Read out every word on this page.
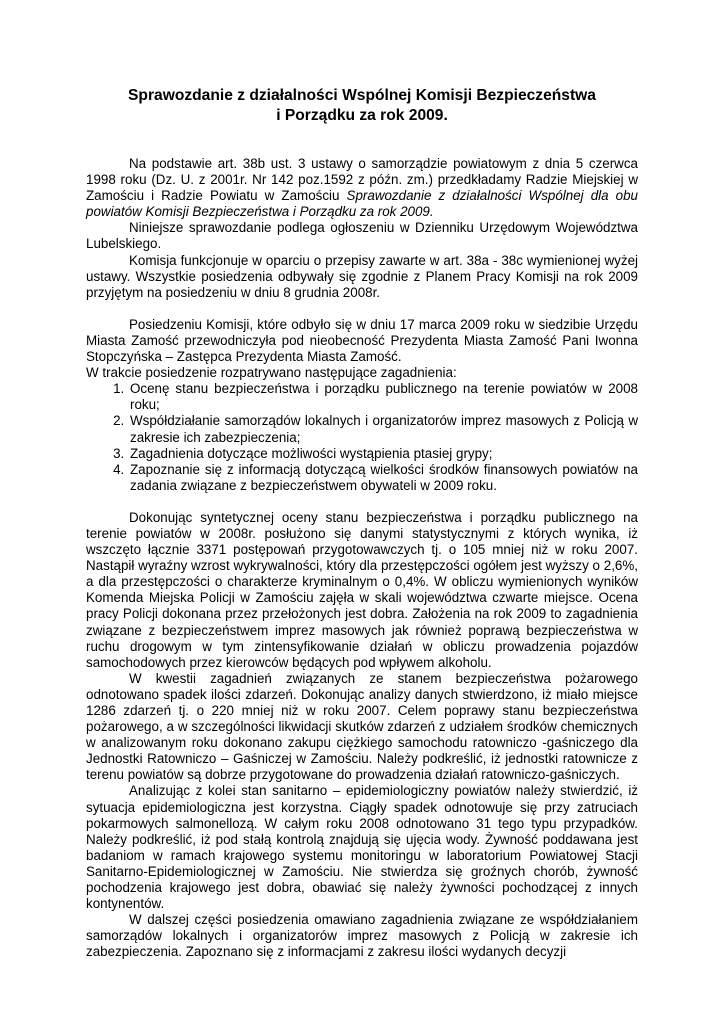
Sprawozdanie z działalności Wspólnej Komisji Bezpieczeństwa
i Porządku za rok 2009.

Na podstawie art. 38b ust. 3 ustawy o samorządzie powiatowym z dnia 5 czerwca 1998 roku (Dz. U. z 2001r. Nr 142 poz.1592 z późn. zm.) przedkładamy Radzie Miejskiej w Zamościu i Radzie Powiatu w Zamościu Sprawozdanie z działalności Wspólnej dla obu powiatów Komisji Bezpieczeństwa i Porządku za rok 2009.

Niniejsze sprawozdanie podlega ogłoszeniu w Dzienniku Urzędowym Województwa Lubelskiego.

Komisja funkcjonuje w oparciu o przepisy zawarte w art. 38a - 38c wymienionej wyżej ustawy. Wszystkie posiedzenia odbywały się zgodnie z Planem Pracy Komisji na rok 2009 przyjętym na posiedzeniu w dniu 8 grudnia 2008r.

Posiedzeniu Komisji, które odbyło się w dniu 17 marca 2009 roku w siedzibie Urzędu Miasta Zamość przewodniczyła pod nieobecność Prezydenta Miasta Zamość Pani Iwonna Stopczyńska – Zastępca Prezydenta Miasta Zamość.

W trakcie posiedzenie rozpatrywano następujące zagadnienia:

1. Ocenę stanu bezpieczeństwa i porządku publicznego na terenie powiatów w 2008 roku;
2. Współdziałanie samorządów lokalnych i organizatorów imprez masowych z Policją w zakresie ich zabezpieczenia;
3. Zagadnienia dotyczące możliwości wystąpienia ptasiej grypy;
4. Zapoznanie się z informacją dotyczącą wielkości środków finansowych powiatów na zadania związane z bezpieczeństwem obywateli w 2009 roku.

Dokonując syntetycznej oceny stanu bezpieczeństwa i porządku publicznego na terenie powiatów w 2008r. posłużono się danymi statystycznymi z których wynika, iż wszczęto łącznie 3371 postępowań przygotowawczych tj. o 105 mniej niż w roku 2007. Nastąpił wyraźny wzrost wykrywalności, który dla przestępczości ogółem jest wyższy o 2,6%, a dla przestępczości o charakterze kryminalnym o 0,4%. W obliczu wymienionych wyników Komenda Miejska Policji w Zamościu zajęła w skali województwa czwarte miejsce. Ocena pracy Policji dokonana przez przełożonych jest dobra. Założenia na rok 2009 to zagadnienia związane z bezpieczeństwem imprez masowych jak również poprawą bezpieczeństwa w ruchu drogowym w tym zintensyfikowanie działań w obliczu prowadzenia pojazdów samochodowych przez kierowców będących pod wpływem alkoholu.

W kwestii zagadnień związanych ze stanem bezpieczeństwa pożarowego odnotowano spadek ilości zdarzeń. Dokonując analizy danych stwierdzono, iż miało miejsce 1286 zdarzeń tj. o 220 mniej niż w roku 2007. Celem poprawy stanu bezpieczeństwa pożarowego, a w szczególności likwidacji skutków zdarzeń z udziałem środków chemicznych w analizowanym roku dokonano zakupu ciężkiego samochodu ratowniczo -gaśniczego dla Jednostki Ratowniczo – Gaśniczej w Zamościu. Należy podkreślić, iż jednostki ratownicze z terenu powiatów są dobrze przygotowane do prowadzenia działań ratowniczo-gaśniczych.

Analizując z kolei stan sanitarno – epidemiologiczny powiatów należy stwierdzić, iż sytuacja epidemiologiczna jest korzystna. Ciągły spadek odnotowuje się przy zatruciach pokarmowych salmonellozą. W całym roku 2008 odnotowano 31 tego typu przypadków. Należy podkreślić, iż pod stałą kontrolą znajdują się ujęcia wody. Żywność poddawana jest badaniom w ramach krajowego systemu monitoringu w laboratorium Powiatowej Stacji Sanitarno-Epidemiologicznej w Zamościu. Nie stwierdza się groźnych chorób, żywność pochodzenia krajowego jest dobra, obawiać się należy żywności pochodzącej z innych kontynentów.

W dalszej części posiedzenia omawiano zagadnienia związane ze współdziałaniem samorządów lokalnych i organizatorów imprez masowych z Policją w zakresie ich zabezpieczenia. Zapoznano się z informacjami z zakresu ilości wydanych decyzji
